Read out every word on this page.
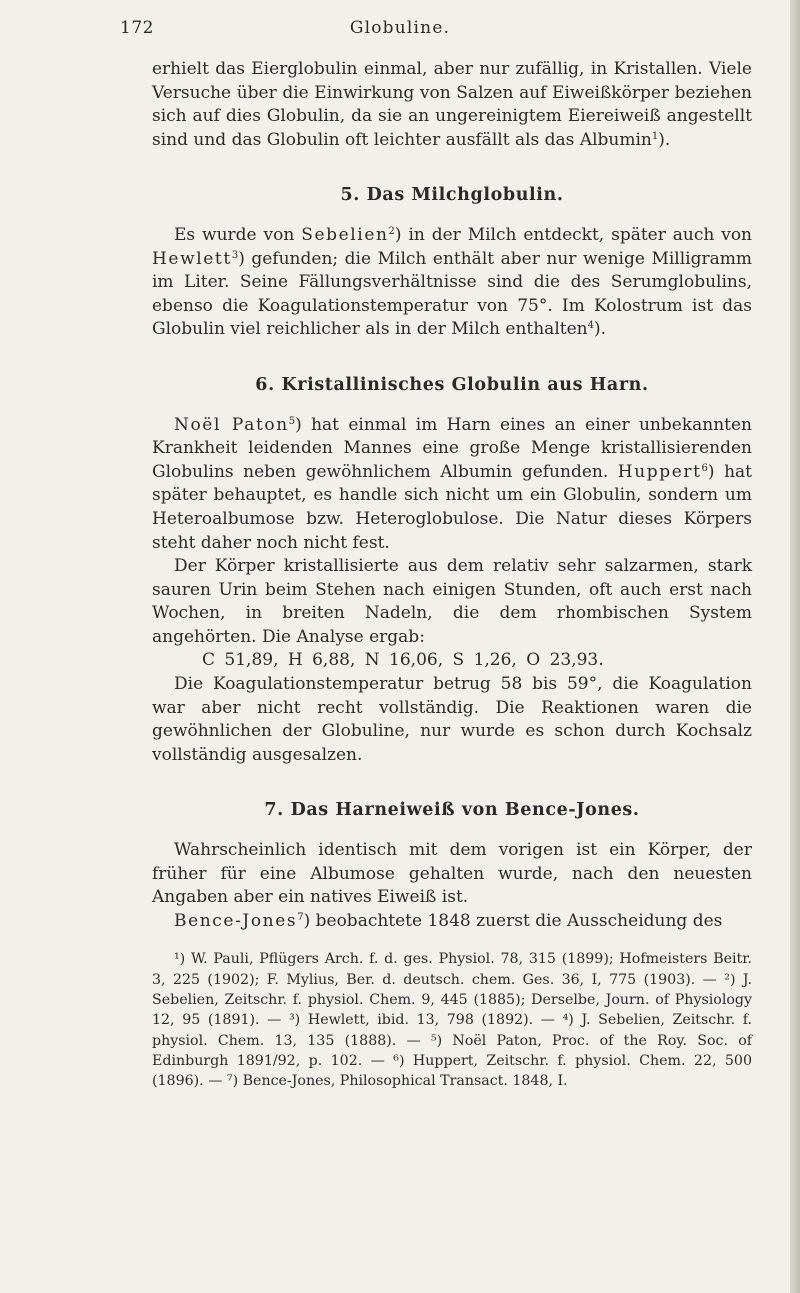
172	Globuline.

erhielt das Eierglobulin einmal, aber nur zufällig, in Kristallen. Viele Versuche über die Einwirkung von Salzen auf Eiweißkörper beziehen sich auf dies Globulin, da sie an ungereinigtem Eiereiweiß angestellt sind und das Globulin oft leichter ausfällt als das Albumin$^1$).

5. Das Milchglobulin.

Es wurde von Sebelien$^2$) in der Milch entdeckt, später auch von Hewlett$^3$) gefunden; die Milch enthält aber nur wenige Milligramm im Liter. Seine Fällungsverhältnisse sind die des Serumglobulins, ebenso die Koagulationstemperatur von 75°. Im Kolostrum ist das Globulin viel reichlicher als in der Milch enthalten$^4$).

6. Kristallinisches Globulin aus Harn.

Noël Paton$^5$) hat einmal im Harn eines an einer unbekannten Krankheit leidenden Mannes eine große Menge kristallisierenden Globulins neben gewöhnlichem Albumin gefunden. Huppert$^6$) hat später behauptet, es handle sich nicht um ein Globulin, sondern um Heteroalbumose bzw. Heteroglobulose. Die Natur dieses Körpers steht daher noch nicht fest.

Der Körper kristallisierte aus dem relativ sehr salzarmen, stark sauren Urin beim Stehen nach einigen Stunden, oft auch erst nach Wochen, in breiten Nadeln, die dem rhombischen System angehörten. Die Analyse ergab:

C 51,89, H 6,88, N 16,06, S 1,26, O 23,93.

Die Koagulationstemperatur betrug 58 bis 59°, die Koagulation war aber nicht recht vollständig. Die Reaktionen waren die gewöhnlichen der Globuline, nur wurde es schon durch Kochsalz vollständig ausgesalzen.

7. Das Harneiweiß von Bence-Jones.

Wahrscheinlich identisch mit dem vorigen ist ein Körper, der früher für eine Albumose gehalten wurde, nach den neuesten Angaben aber ein natives Eiweiß ist.

Bence-Jones$^7$) beobachtete 1848 zuerst die Ausscheidung des

¹) W. Pauli, Pflügers Arch. f. d. ges. Physiol. 78, 315 (1899); Hofmeisters Beitr. 3, 225 (1902); F. Mylius, Ber. d. deutsch. chem. Ges. 36, I, 775 (1903). — ²) J. Sebelien, Zeitschr. f. physiol. Chem. 9, 445 (1885); Derselbe, Journ. of Physiology 12, 95 (1891). — ³) Hewlett, ibid. 13, 798 (1892). — ⁴) J. Sebelien, Zeitschr. f. physiol. Chem. 13, 135 (1888). — ⁵) Noël Paton, Proc. of the Roy. Soc. of Edinburgh 1891/92, p. 102. — ⁶) Huppert, Zeitschr. f. physiol. Chem. 22, 500 (1896). — ⁷) Bence-Jones, Philosophical Transact. 1848, I.
